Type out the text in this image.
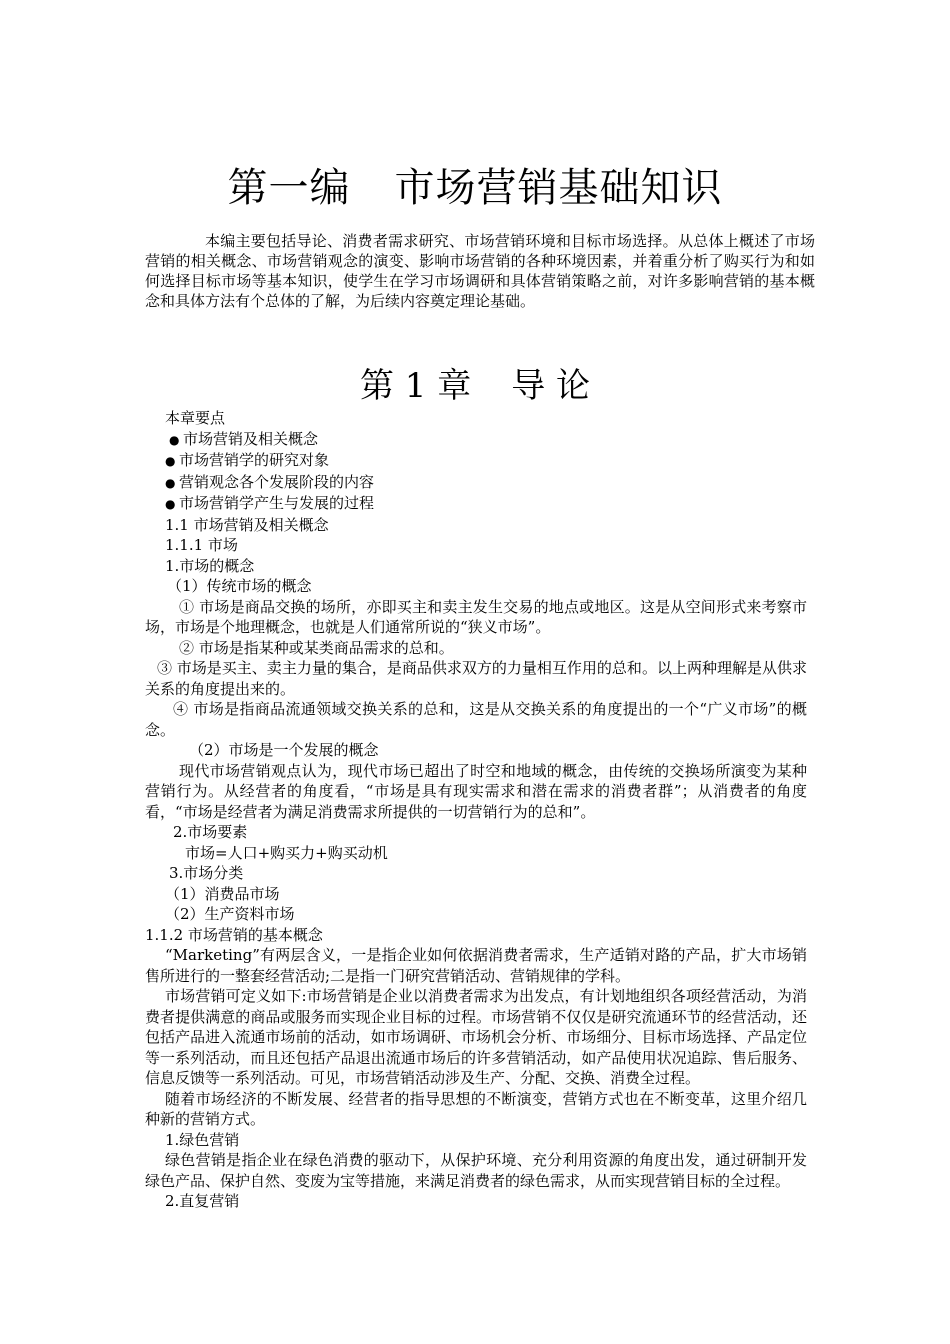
第一编 市场营销基础知识
本编主要包括导论、消费者需求研究、市场营销环境和目标市场选择。从总体上概述了市场营销的相关概念、市场营销观念的演变、影响市场营销的各种环境因素，并着重分析了购买行为和如何选择目标市场等基本知识，使学生在学习市场调研和具体营销策略之前，对许多影响营销的基本概念和具体方法有个总体的了解，为后续内容奠定理论基础。
第 1 章 导 论
本章要点
● 市场营销及相关概念
● 市场营销学的研究对象
● 营销观念各个发展阶段的内容
● 市场营销学产生与发展的过程
1.1 市场营销及相关概念
1.1.1 市场
1.市场的概念
（1）传统市场的概念
① 市场是商品交换的场所，亦即买主和卖主发生交易的地点或地区。这是从空间形式来考察市场，市场是个地理概念，也就是人们通常所说的“狭义市场”。
② 市场是指某种或某类商品需求的总和。
③ 市场是买主、卖主力量的集合，是商品供求双方的力量相互作用的总和。以上两种理解是从供求关系的角度提出来的。
④ 市场是指商品流通领域交换关系的总和，这是从交换关系的角度提出的一个“广义市场”的概念。
（2）市场是一个发展的概念
现代市场营销观点认为，现代市场已超出了时空和地域的概念，由传统的交换场所演变为某种营销行为。从经营者的角度看，“市场是具有现实需求和潜在需求的消费者群”；从消费者的角度看，“市场是经营者为满足消费需求所提供的一切营销行为的总和”。
2.市场要素
市场=人口+购买力+购买动机
3.市场分类
（1）消费品市场
（2）生产资料市场
1.1.2 市场营销的基本概念
“Marketing”有两层含义，一是指企业如何依据消费者需求，生产适销对路的产品，扩大市场销售所进行的一整套经营活动;二是指一门研究营销活动、营销规律的学科。
市场营销可定义如下:市场营销是企业以消费者需求为出发点，有计划地组织各项经营活动，为消费者提供满意的商品或服务而实现企业目标的过程。市场营销不仅仅是研究流通环节的经营活动，还包括产品进入流通市场前的活动，如市场调研、市场机会分析、市场细分、目标市场选择、产品定位等一系列活动，而且还包括产品退出流通市场后的许多营销活动，如产品使用状况追踪、售后服务、信息反馈等一系列活动。可见，市场营销活动涉及生产、分配、交换、消费全过程。
随着市场经济的不断发展、经营者的指导思想的不断演变，营销方式也在不断变革，这里介绍几种新的营销方式。
1.绿色营销
绿色营销是指企业在绿色消费的驱动下，从保护环境、充分利用资源的角度出发，通过研制开发绿色产品、保护自然、变废为宝等措施，来满足消费者的绿色需求，从而实现营销目标的全过程。
2.直复营销
